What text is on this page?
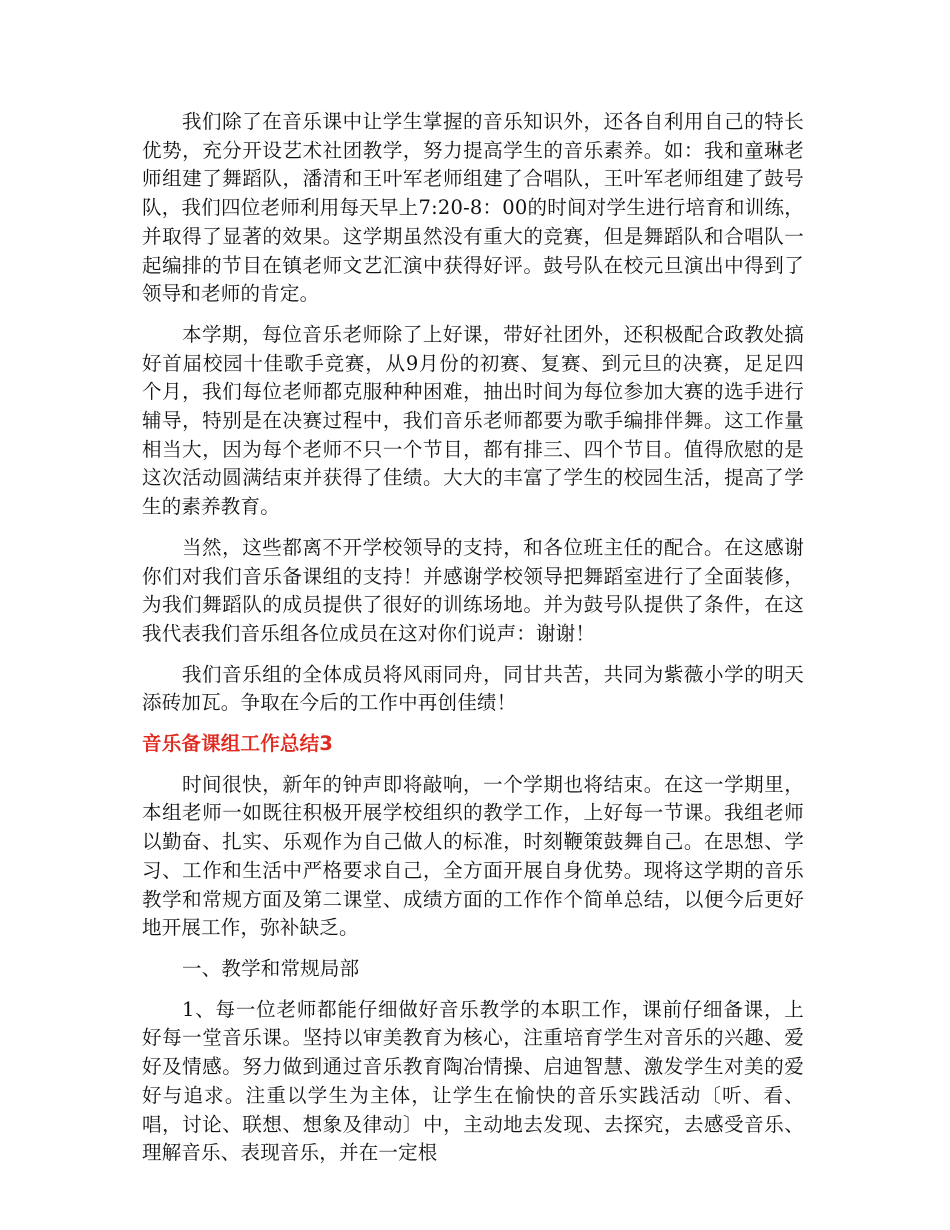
我们除了在音乐课中让学生掌握的音乐知识外，还各自利用自己的特长优势，充分开设艺术社团教学，努力提高学生的音乐素养。如：我和童琳老师组建了舞蹈队，潘清和王叶军老师组建了合唱队，王叶军老师组建了鼓号队，我们四位老师利用每天早上7:20-8：00的时间对学生进行培育和训练，并取得了显著的效果。这学期虽然没有重大的竞赛，但是舞蹈队和合唱队一起编排的节目在镇老师文艺汇演中获得好评。鼓号队在校元旦演出中得到了领导和老师的肯定。

本学期，每位音乐老师除了上好课，带好社团外，还积极配合政教处搞好首届校园十佳歌手竞赛，从9月份的初赛、复赛、到元旦的决赛，足足四个月，我们每位老师都克服种种困难，抽出时间为每位参加大赛的选手进行辅导，特别是在决赛过程中，我们音乐老师都要为歌手编排伴舞。这工作量相当大，因为每个老师不只一个节目，都有排三、四个节目。值得欣慰的是这次活动圆满结束并获得了佳绩。大大的丰富了学生的校园生活，提高了学生的素养教育。

当然，这些都离不开学校领导的支持，和各位班主任的配合。在这感谢你们对我们音乐备课组的支持！并感谢学校领导把舞蹈室进行了全面装修，为我们舞蹈队的成员提供了很好的训练场地。并为鼓号队提供了条件，在这我代表我们音乐组各位成员在这对你们说声：谢谢！

我们音乐组的全体成员将风雨同舟，同甘共苦，共同为紫薇小学的明天添砖加瓦。争取在今后的工作中再创佳绩！

音乐备课组工作总结3

时间很快，新年的钟声即将敲响，一个学期也将结束。在这一学期里，本组老师一如既往积极开展学校组织的教学工作，上好每一节课。我组老师以勤奋、扎实、乐观作为自己做人的标准，时刻鞭策鼓舞自己。在思想、学习、工作和生活中严格要求自己，全方面开展自身优势。现将这学期的音乐教学和常规方面及第二课堂、成绩方面的工作作个简单总结，以便今后更好地开展工作，弥补缺乏。

一、教学和常规局部

1、每一位老师都能仔细做好音乐教学的本职工作，课前仔细备课，上好每一堂音乐课。坚持以审美教育为核心，注重培育学生对音乐的兴趣、爱好及情感。努力做到通过音乐教育陶冶情操、启迪智慧、激发学生对美的爱好与追求。注重以学生为主体，让学生在愉快的音乐实践活动〔听、看、唱，讨论、联想、想象及律动〕中，主动地去发现、去探究，去感受音乐、理解音乐、表现音乐，并在一定根
